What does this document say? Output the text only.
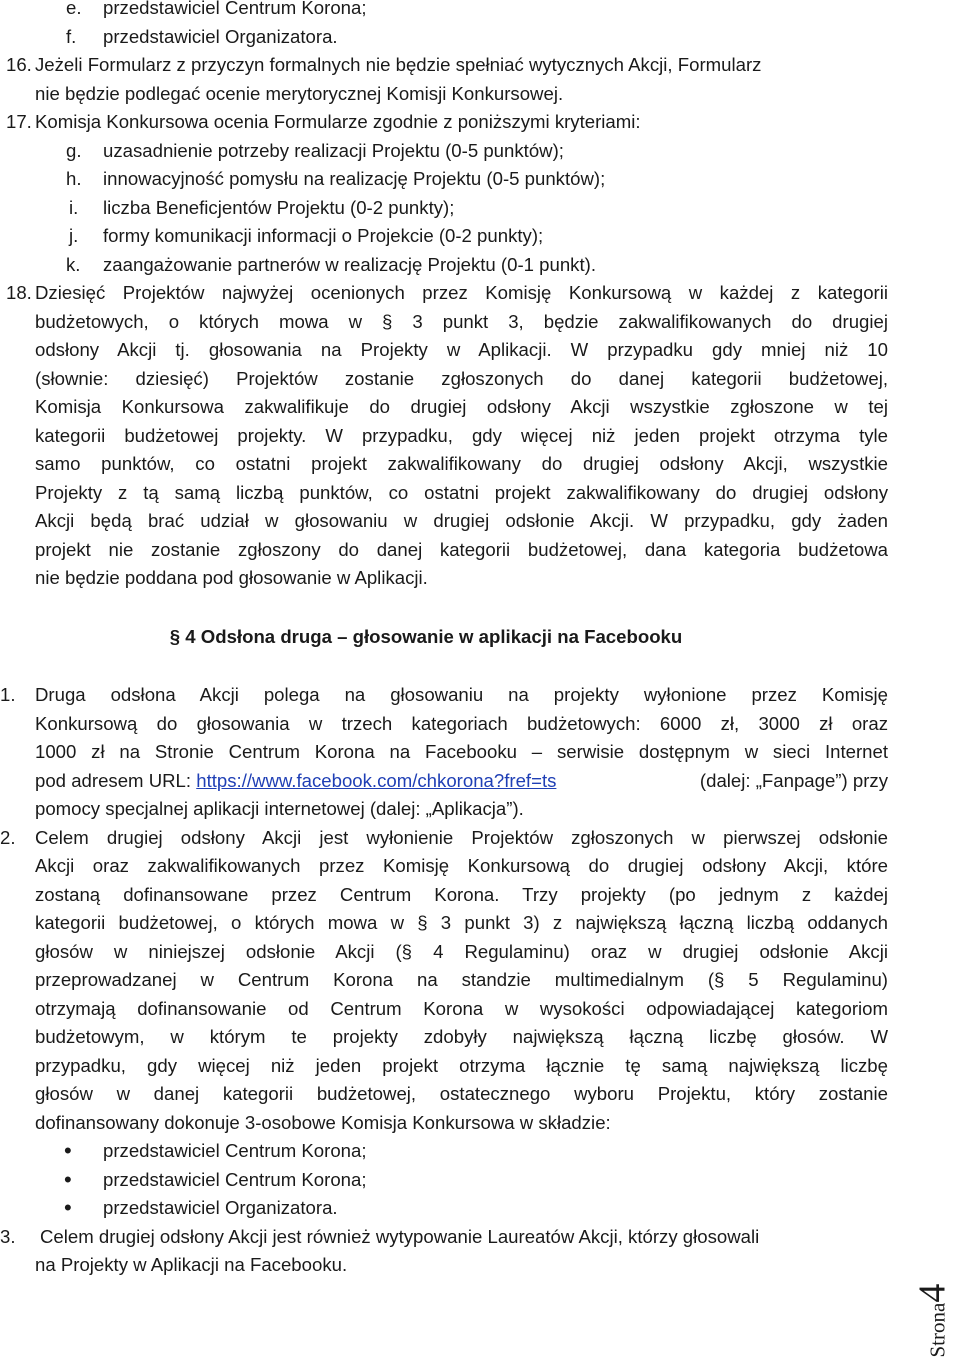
e. przedstawiciel Centrum Korona;
f. przedstawiciel Organizatora.
16. Jeżeli Formularz z przyczyn formalnych nie będzie spełniać wytycznych Akcji, Formularz
nie będzie podlegać ocenie merytorycznej Komisji Konkursowej.
17. Komisja Konkursowa ocenia Formularze zgodnie z poniższymi kryteriami:
g. uzasadnienie potrzeby realizacji Projektu (0-5 punktów);
h. innowacyjność pomysłu na realizację Projektu (0-5 punktów);
i. liczba Beneficjentów Projektu (0-2 punkty);
j. formy komunikacji informacji o Projekcie (0-2 punkty);
k. zaangażowanie partnerów w realizację Projektu (0-1 punkt).
18. Dziesięć Projektów najwyżej ocenionych przez Komisję Konkursową w każdej z kategorii
budżetowych, o których mowa w § 3 punkt 3, będzie zakwalifikowanych do drugiej
odsłony Akcji tj. głosowania na Projekty w Aplikacji. W przypadku gdy mniej niż 10
(słownie: dziesięć) Projektów zostanie zgłoszonych do danej kategorii budżetowej,
Komisja Konkursowa zakwalifikuje do drugiej odsłony Akcji wszystkie zgłoszone w tej
kategorii budżetowej projekty. W przypadku, gdy więcej niż jeden projekt otrzyma tyle
samo punktów, co ostatni projekt zakwalifikowany do drugiej odsłony Akcji, wszystkie
Projekty z tą samą liczbą punktów, co ostatni projekt zakwalifikowany do drugiej odsłony
Akcji będą brać udział w głosowaniu w drugiej odsłonie Akcji. W przypadku, gdy żaden
projekt nie zostanie zgłoszony do danej kategorii budżetowej, dana kategoria budżetowa
nie będzie poddana pod głosowanie w Aplikacji.
§ 4 Odsłona druga – głosowanie w aplikacji na Facebooku
1. Druga odsłona Akcji polega na głosowaniu na projekty wyłonione przez Komisję
Konkursową do głosowania w trzech kategoriach budżetowych: 6000 zł, 3000 zł oraz
1000 zł na Stronie Centrum Korona na Facebooku – serwisie dostępnym w sieci Internet
pod adresem URL: https://www.facebook.com/chkorona?fref=ts	(dalej: „Fanpage”) przy
pomocy specjalnej aplikacji internetowej (dalej: „Aplikacja”).
2. Celem drugiej odsłony Akcji jest wyłonienie Projektów zgłoszonych w pierwszej odsłonie
Akcji oraz zakwalifikowanych przez Komisję Konkursową do drugiej odsłony Akcji, które
zostaną dofinansowane przez Centrum Korona. Trzy projekty (po jednym z każdej
kategorii budżetowej, o których mowa w § 3 punkt 3) z największą łączną liczbą oddanych
głosów w niniejszej odsłonie Akcji (§ 4 Regulaminu) oraz w drugiej odsłonie Akcji
przeprowadzanej w Centrum Korona na standzie multimedialnym (§ 5 Regulaminu)
otrzymają dofinansowanie od Centrum Korona w wysokości odpowiadającej kategoriom
budżetowym, w którym te projekty zdobyły największą łączną liczbę głosów. W
przypadku, gdy więcej niż jeden projekt otrzyma łącznie tę samą największą liczbę
głosów w danej kategorii budżetowej, ostatecznego wyboru Projektu, który zostanie
dofinansowany dokonuje 3-osobowe Komisja Konkursowa w składzie:
• przedstawiciel Centrum Korona;
• przedstawiciel Centrum Korona;
• przedstawiciel Organizatora.
3. Celem drugiej odsłony Akcji jest również wytypowanie Laureatów Akcji, którzy głosowali
na Projekty w Aplikacji na Facebooku.
Strona4
